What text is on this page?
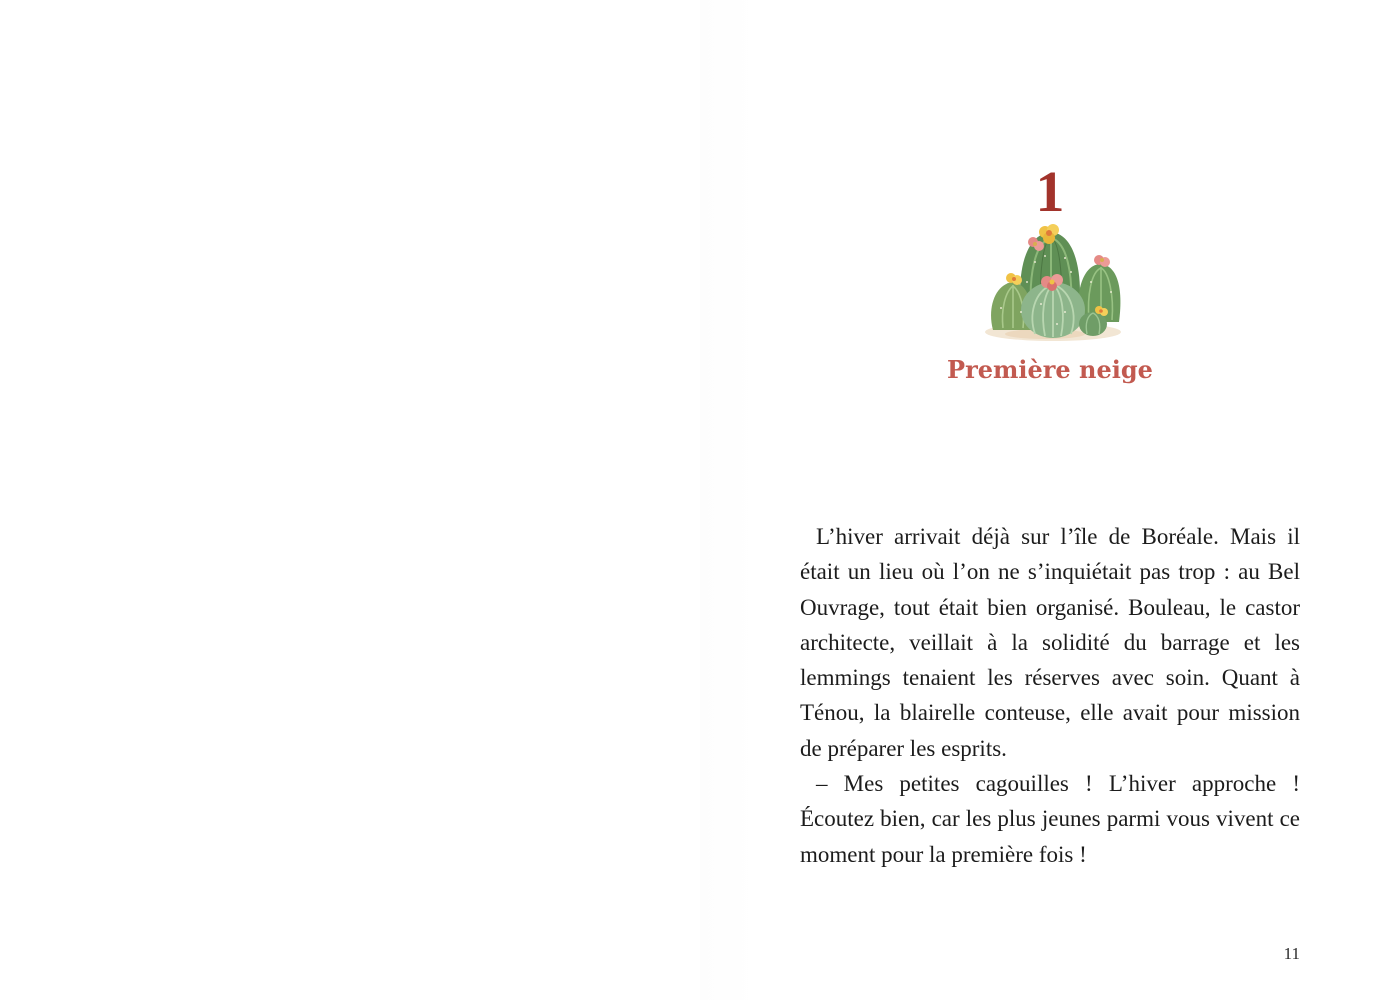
1
Première neige

L’hiver arrivait déjà sur l’île de Boréale. Mais il était un lieu où l’on ne s’inquiétait pas trop : au Bel Ouvrage, tout était bien organisé. Bouleau, le castor architecte, veillait à la solidité du barrage et les lemmings tenaient les réserves avec soin. Quant à Ténou, la blairelle conteuse, elle avait pour mission de préparer les esprits.

– Mes petites cagouilles ! L’hiver approche ! Écoutez bien, car les plus jeunes parmi vous vivent ce moment pour la première fois !

11
